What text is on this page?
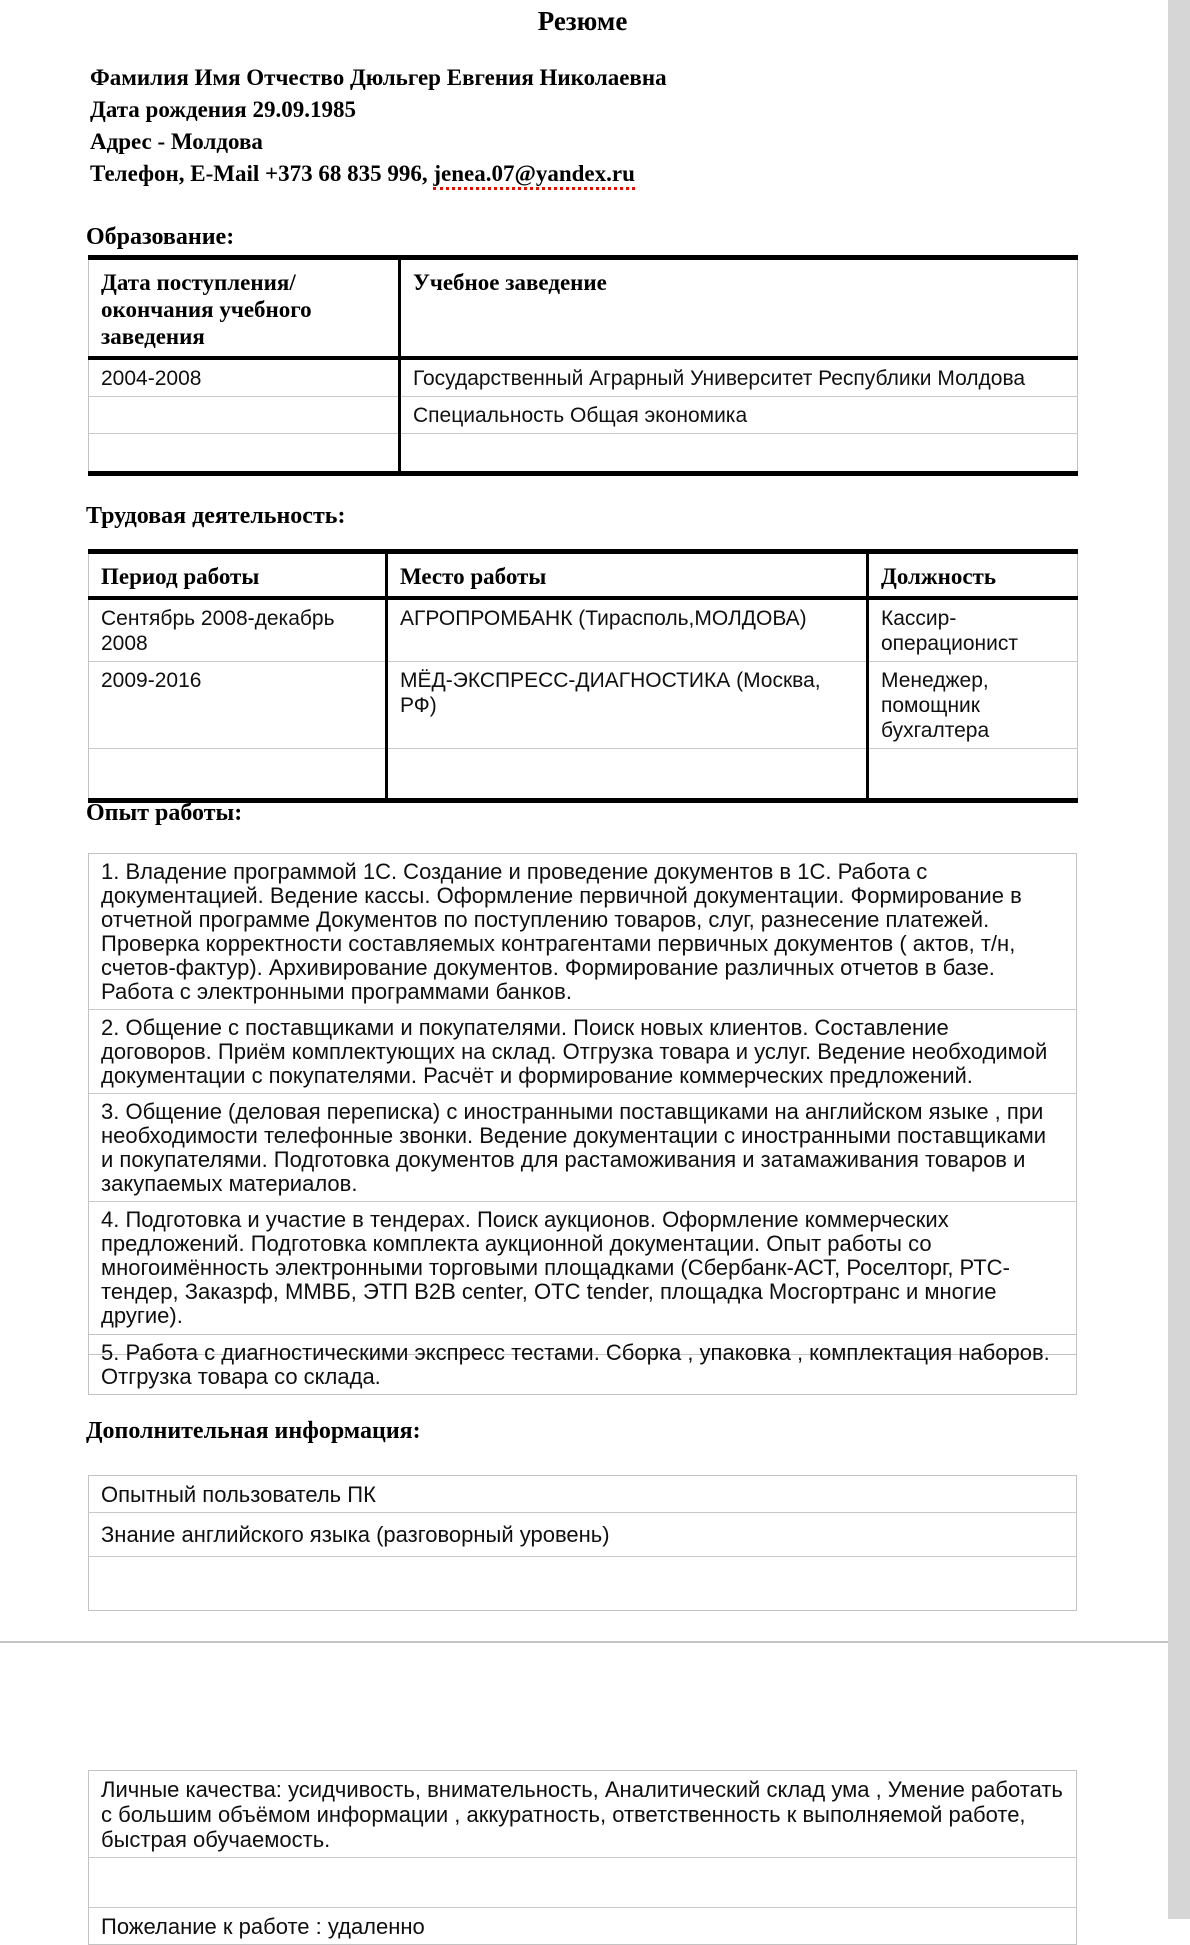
Резюме
Фамилия Имя Отчество Дюльгер Евгения Николаевна
Дата рождения 29.09.1985
Адрес - Молдова
Телефон, E-Mail +373 68 835 996, jenea.07@yandex.ru
Образование:
Дата поступления/ окончания учебного заведения	Учебное заведение
2004-2008	Государственный Аграрный Университет Республики Молдова
	Специальность Общая экономика

Трудовая деятельность:
Период работы	Место работы	Должность
Сентябрь 2008-декабрь 2008	АГРОПРОМБАНК (Тирасполь,МОЛДОВА)	Кассир-операционист
2009-2016	МЁД-ЭКСПРЕСС-ДИАГНОСТИКА (Москва, РФ)	Менеджер, помощник бухгалтера

Опыт работы:
1. Владение программой 1С. Создание и проведение документов в 1С. Работа с документацией. Ведение кассы. Оформление первичной документации. Формирование в отчетной программе Документов по поступлению товаров, слуг, разнесение платежей. Проверка корректности составляемых контрагентами первичных документов ( актов, т/н, счетов-фактур). Архивирование документов. Формирование различных отчетов в базе. Работа с электронными программами банков.
2. Общение с поставщиками и покупателями. Поиск новых клиентов. Составление договоров. Приём комплектующих на склад. Отгрузка товара и услуг. Ведение необходимой документации с покупателями. Расчёт и формирование коммерческих предложений.
3. Общение (деловая переписка) с иностранными поставщиками на английском языке , при необходимости телефонные звонки. Ведение документации с иностранными поставщиками и покупателями. Подготовка документов для растаможивания и затамаживания товаров и закупаемых материалов.
4. Подготовка и участие в тендерах. Поиск аукционов. Оформление коммерческих предложений. Подготовка комплекта аукционной документации. Опыт работы со многоимённость электронными торговыми площадками (Сбербанк-АСТ, Роселторг, РТС-тендер, Заказрф, ММВБ, ЭТП B2B center, OTC tender, площадка Мосгортранс и многие другие).
5. Работа с диагностическими экспресс тестами. Сборка , упаковка , комплектация наборов. Отгрузка товара со склада.
Дополнительная информация:
Опытный пользователь ПК
Знание английского языка (разговорный уровень)

Личные качества: усидчивость, внимательность, Аналитический склад ума , Умение работать с большим объёмом информации , аккуратность, ответственность к выполняемой работе, быстрая обучаемость.

Пожелание к работе : удаленно
